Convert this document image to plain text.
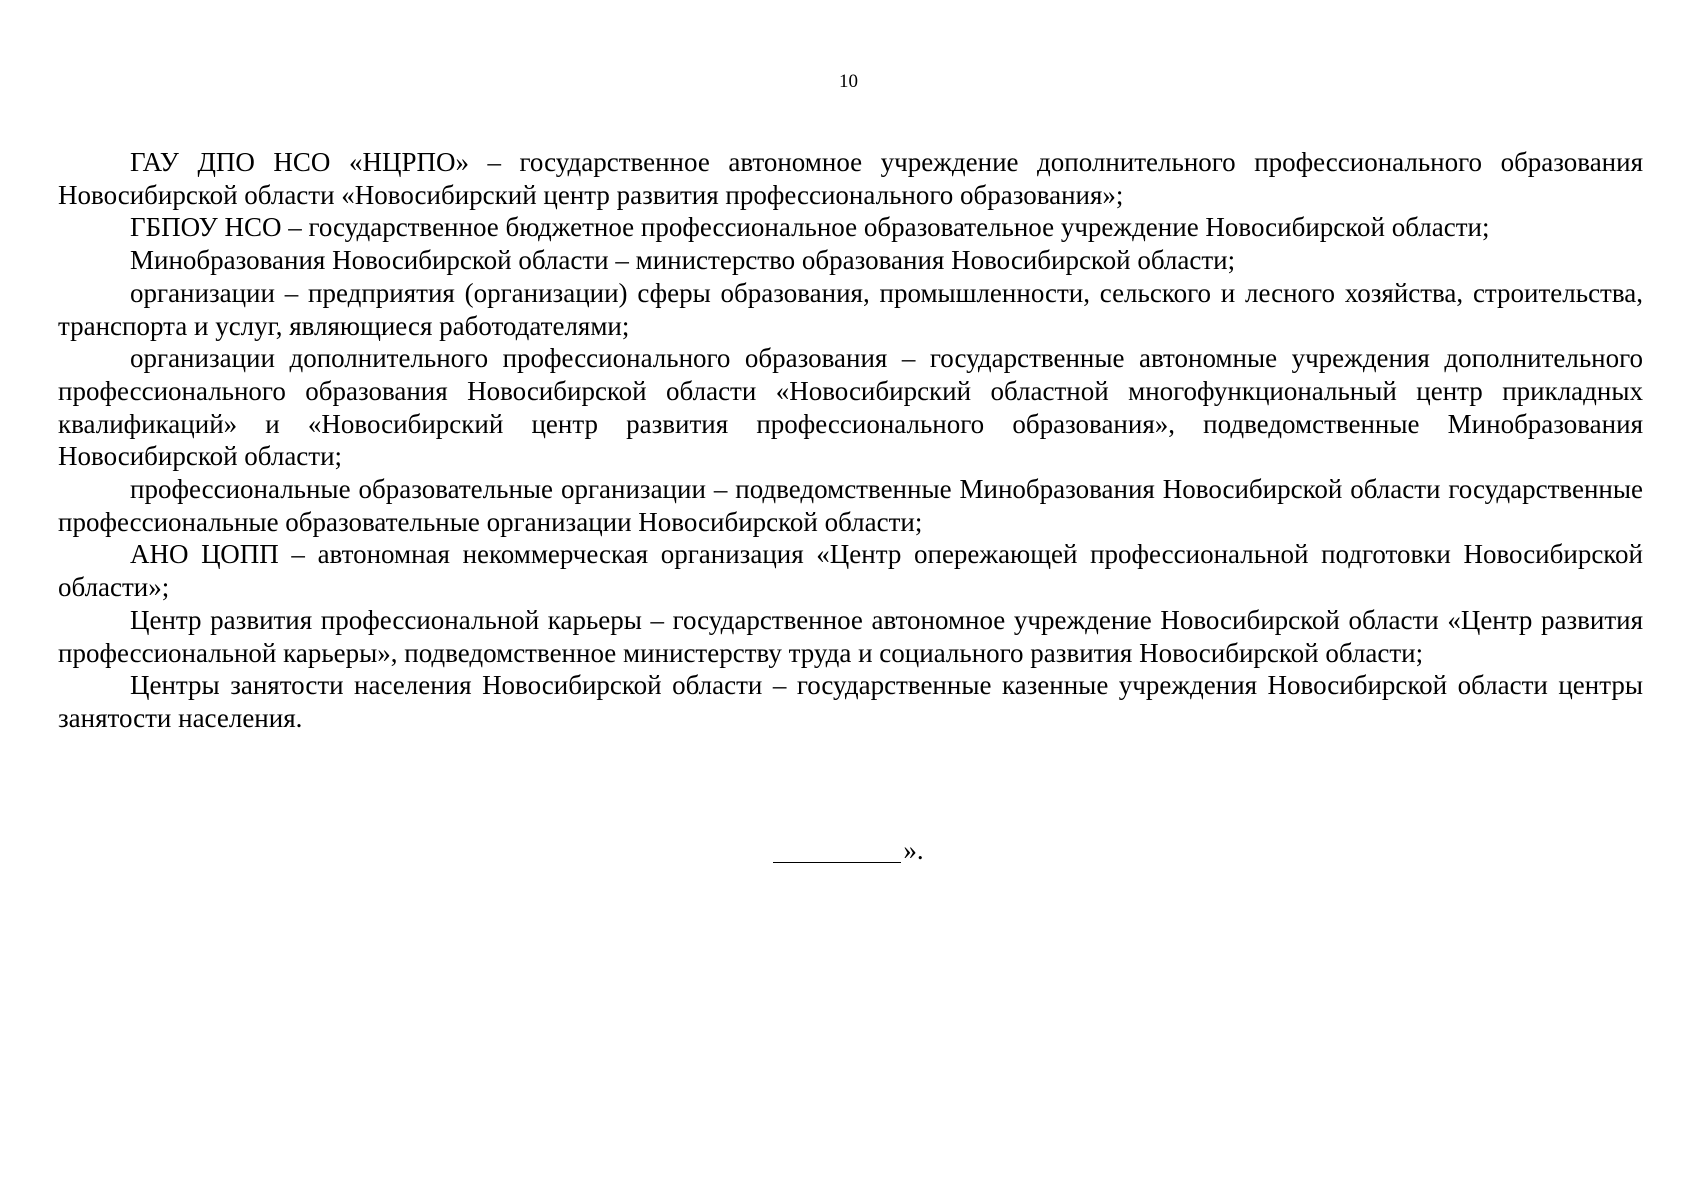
10

ГАУ ДПО НСО «НЦРПО» – государственное автономное учреждение дополнительного профессионального образования Новосибирской области «Новосибирский центр развития профессионального образования»;

ГБПОУ НСО – государственное бюджетное профессиональное образовательное учреждение Новосибирской области;

Минобразования Новосибирской области – министерство образования Новосибирской области;

организации – предприятия (организации) сферы образования, промышленности, сельского и лесного хозяйства, строительства, транспорта и услуг, являющиеся работодателями;

организации дополнительного профессионального образования – государственные автономные учреждения дополнительного профессионального образования Новосибирской области «Новосибирский областной многофункциональный центр прикладных квалификаций» и «Новосибирский центр развития профессионального образования», подведомственные Минобразования Новосибирской области;

профессиональные образовательные организации – подведомственные Минобразования Новосибирской области государственные профессиональные образовательные организации Новосибирской области;

АНО ЦОПП – автономная некоммерческая организация «Центр опережающей профессиональной подготовки Новосибирской области»;

Центр развития профессиональной карьеры – государственное автономное учреждение Новосибирской области «Центр развития профессиональной карьеры», подведомственное министерству труда и социального развития Новосибирской области;

Центры занятости населения Новосибирской области – государственные казенные учреждения Новосибирской области центры занятости населения.

».
